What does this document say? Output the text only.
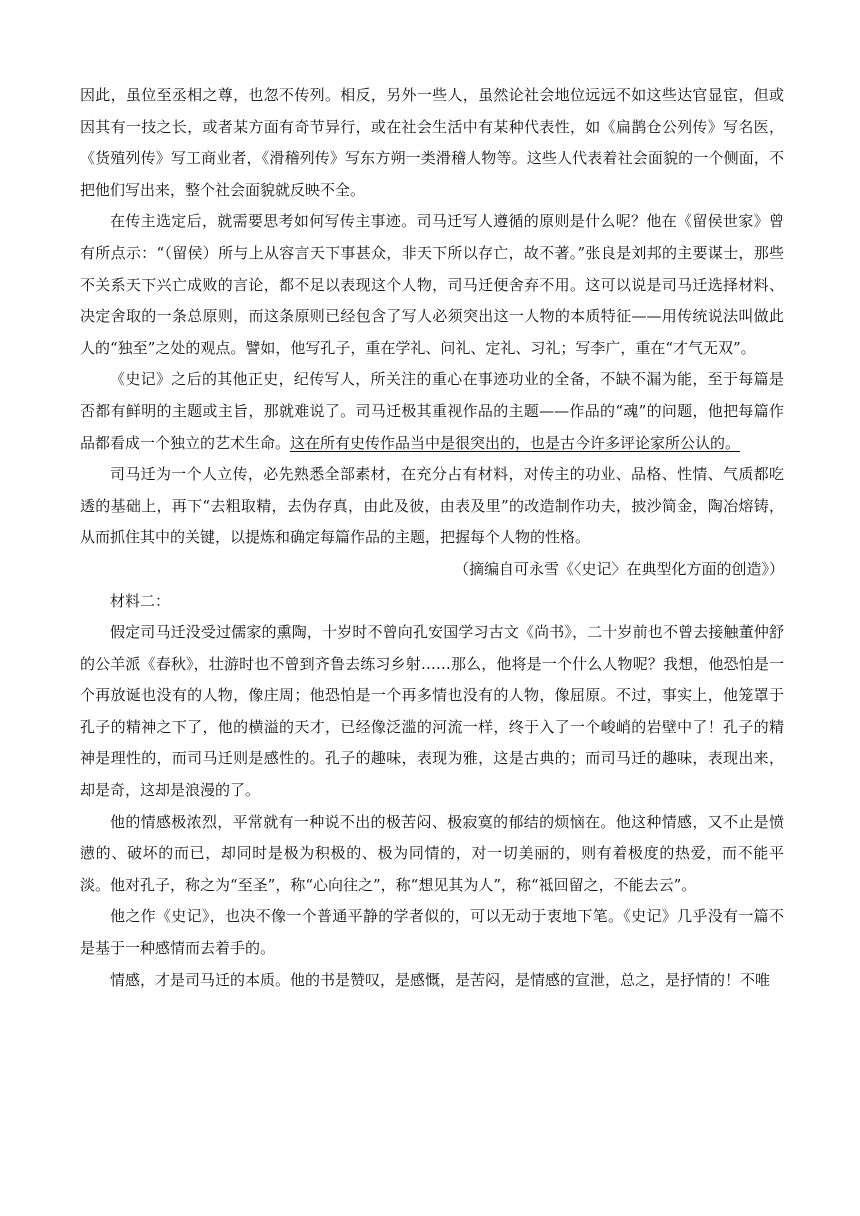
因此，虽位至丞相之尊，也忽不传列。相反，另外一些人，虽然论社会地位远远不如这些达官显宦，但或因其有一技之长，或者某方面有奇节异行，或在社会生活中有某种代表性，如《扁鹊仓公列传》写名医，《货殖列传》写工商业者，《滑稽列传》写东方朔一类滑稽人物等。这些人代表着社会面貌的一个侧面，不把他们写出来，整个社会面貌就反映不全。

在传主选定后，就需要思考如何写传主事迹。司马迁写人遵循的原则是什么呢？他在《留侯世家》曾有所点示：“（留侯）所与上从容言天下事甚众，非天下所以存亡，故不著。”张良是刘邦的主要谋士，那些不关系天下兴亡成败的言论，都不足以表现这个人物，司马迁便舍弃不用。这可以说是司马迁选择材料、决定舍取的一条总原则，而这条原则已经包含了写人必须突出这一人物的本质特征——用传统说法叫做此人的“独至”之处的观点。譬如，他写孔子，重在学礼、问礼、定礼、习礼；写李广，重在“才气无双”。

《史记》之后的其他正史，纪传写人，所关注的重心在事迹功业的全备，不缺不漏为能，至于每篇是否都有鲜明的主题或主旨，那就难说了。司马迁极其重视作品的主题——作品的“魂”的问题，他把每篇作品都看成一个独立的艺术生命。这在所有史传作品当中是很突出的，也是古今许多评论家所公认的。

司马迁为一个人立传，必先熟悉全部素材，在充分占有材料，对传主的功业、品格、性情、气质都吃透的基础上，再下“去粗取精，去伪存真，由此及彼，由表及里”的改造制作功夫，披沙简金，陶冶熔铸，从而抓住其中的关键，以提炼和确定每篇作品的主题，把握每个人物的性格。

（摘编自可永雪《〈史记〉在典型化方面的创造》）

材料二：

假定司马迁没受过儒家的熏陶，十岁时不曾向孔安国学习古文《尚书》，二十岁前也不曾去接触董仲舒的公羊派《春秋》，壮游时也不曾到齐鲁去练习乡射……那么，他将是一个什么人物呢？我想，他恐怕是一个再放诞也没有的人物，像庄周；他恐怕是一个再多情也没有的人物，像屈原。不过，事实上，他笼罩于孔子的精神之下了，他的横溢的天才，已经像泛滥的河流一样，终于入了一个峻峭的岩壁中了！孔子的精神是理性的，而司马迁则是感性的。孔子的趣味，表现为雅，这是古典的；而司马迁的趣味，表现出来，却是奇，这却是浪漫的了。

他的情感极浓烈，平常就有一种说不出的极苦闷、极寂寞的郁结的烦恼在。他这种情感，又不止是愤懑的、破坏的而已，却同时是极为积极的、极为同情的，对一切美丽的，则有着极度的热爱，而不能平淡。他对孔子，称之为“至圣”，称“心向往之”，称“想见其为人”，称“祗回留之，不能去云”。

他之作《史记》，也决不像一个普通平静的学者似的，可以无动于衷地下笔。《史记》几乎没有一篇不是基于一种感情而去着手的。

情感，才是司马迁的本质。他的书是赞叹，是感慨，是苦闷，是情感的宣泄，总之，是抒情的！不唯
